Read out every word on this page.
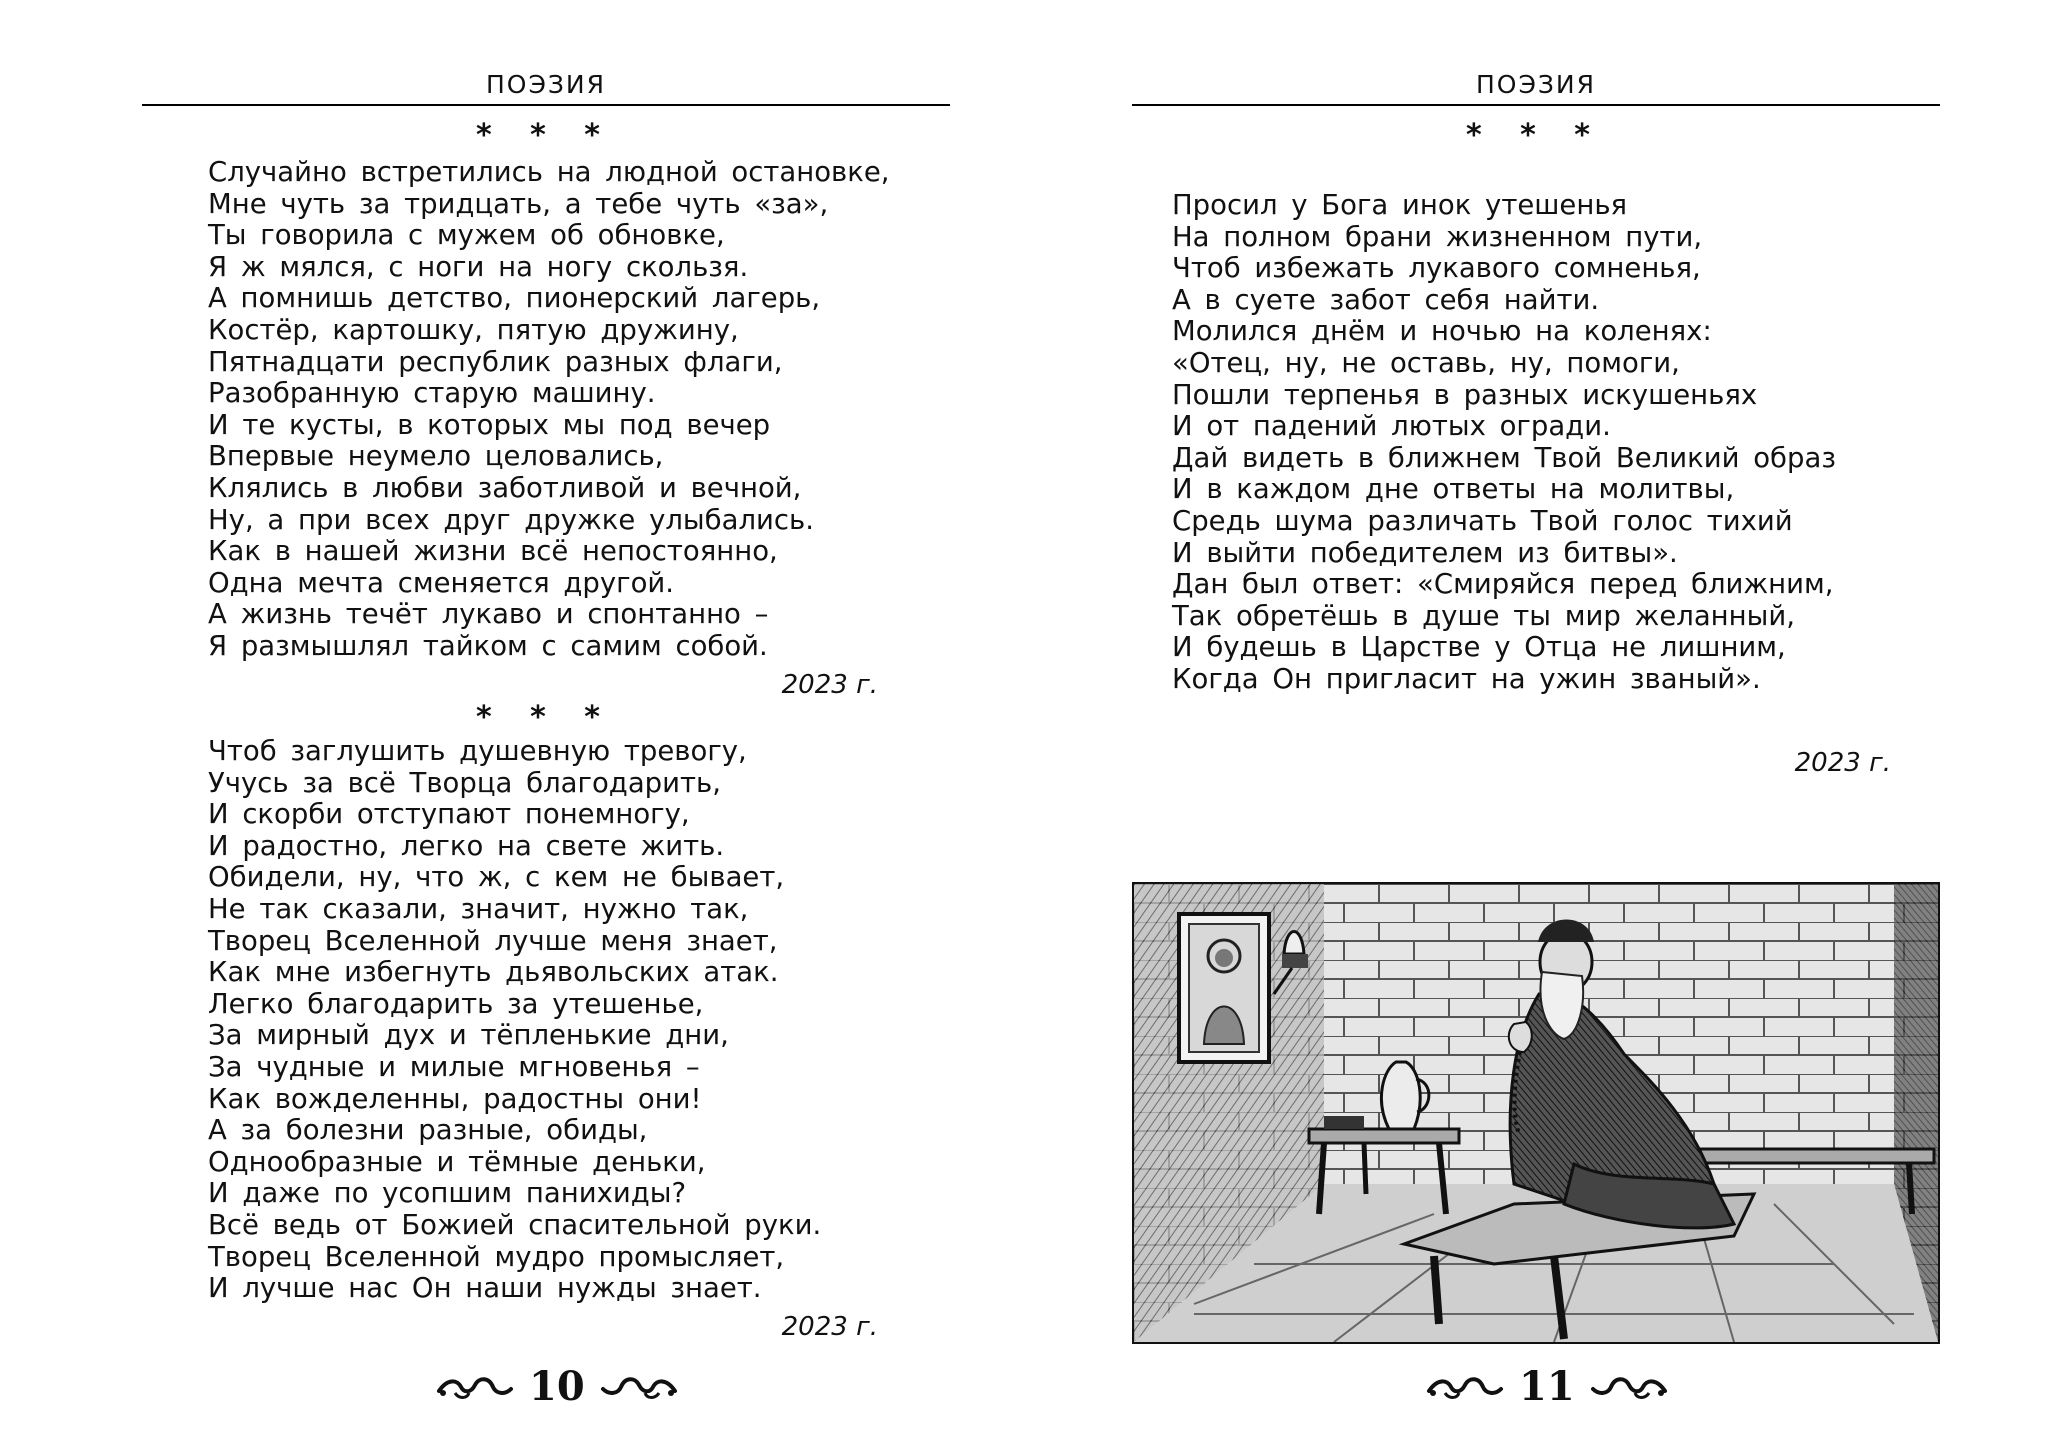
ПОЭЗИЯ
* * *
Случайно встретились на людной остановке,
Мне чуть за тридцать, а тебе чуть «за»,
Ты говорила с мужем об обновке,
Я ж мялся, с ноги на ногу скользя.
А помнишь детство, пионерский лагерь,
Костёр, картошку, пятую дружину,
Пятнадцати республик разных флаги,
Разобранную старую машину.
И те кусты, в которых мы под вечер
Впервые неумело целовались,
Клялись в любви заботливой и вечной,
Ну, а при всех друг дружке улыбались.
Как в нашей жизни всё непостоянно,
Одна мечта сменяется другой.
А жизнь течёт лукаво и спонтанно –
Я размышлял тайком с самим собой.
2023 г.
* * *
Чтоб заглушить душевную тревогу,
Учусь за всё Творца благодарить,
И скорби отступают понемногу,
И радостно, легко на свете жить.
Обидели, ну, что ж, с кем не бывает,
Не так сказали, значит, нужно так,
Творец Вселенной лучше меня знает,
Как мне избегнуть дьявольских атак.
Легко благодарить за утешенье,
За мирный дух и тёпленькие дни,
За чудные и милые мгновенья –
Как вожделенны, радостны они!
А за болезни разные, обиды,
Однообразные и тёмные деньки,
И даже по усопшим панихиды?
Всё ведь от Божией спасительной руки.
Творец Вселенной мудро промысляет,
И лучше нас Он наши нужды знает.
2023 г.
10
ПОЭЗИЯ
* * *
Просил у Бога инок утешенья
На полном брани жизненном пути,
Чтоб избежать лукавого сомненья,
А в суете забот себя найти.
Молился днём и ночью на коленях:
«Отец, ну, не оставь, ну, помоги,
Пошли терпенья в разных искушеньях
И от падений лютых огради.
Дай видеть в ближнем Твой Великий образ
И в каждом дне ответы на молитвы,
Средь шума различать Твой голос тихий
И выйти победителем из битвы».
Дан был ответ: «Смиряйся перед ближним,
Так обретёшь в душе ты мир желанный,
И будешь в Царстве у Отца не лишним,
Когда Он пригласит на ужин званый».
2023 г.
11
